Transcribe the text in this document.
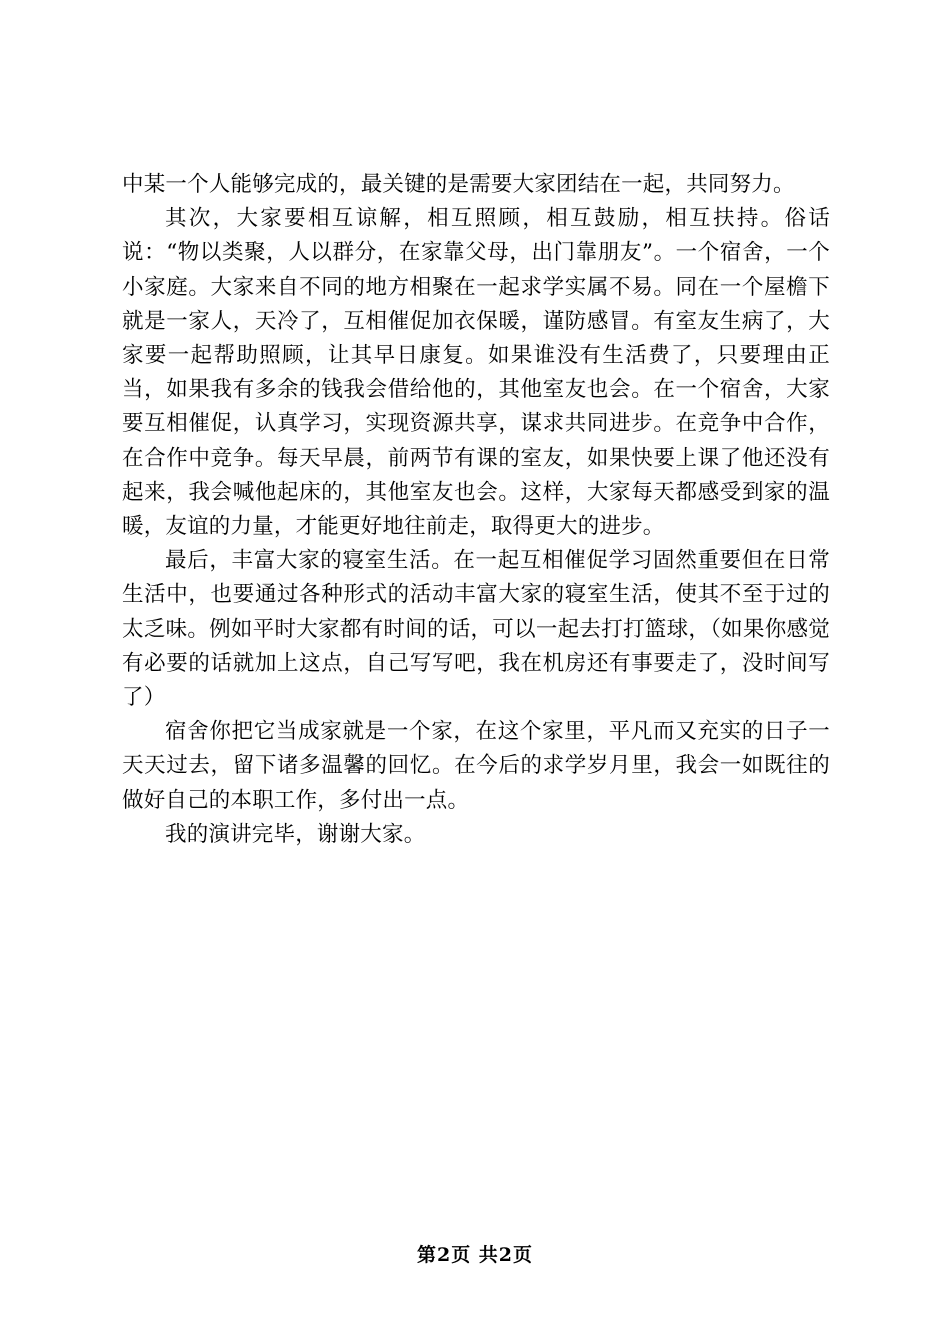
中某一个人能够完成的，最关键的是需要大家团结在一起，共同努力。

其次，大家要相互谅解，相互照顾，相互鼓励，相互扶持。俗话说：“物以类聚，人以群分，在家靠父母，出门靠朋友”。一个宿舍，一个小家庭。大家来自不同的地方相聚在一起求学实属不易。同在一个屋檐下就是一家人，天冷了，互相催促加衣保暖，谨防感冒。有室友生病了，大家要一起帮助照顾，让其早日康复。如果谁没有生活费了，只要理由正当，如果我有多余的钱我会借给他的，其他室友也会。在一个宿舍，大家要互相催促，认真学习，实现资源共享，谋求共同进步。在竞争中合作，在合作中竞争。每天早晨，前两节有课的室友，如果快要上课了他还没有起来，我会喊他起床的，其他室友也会。这样，大家每天都感受到家的温暖，友谊的力量，才能更好地往前走，取得更大的进步。

最后，丰富大家的寝室生活。在一起互相催促学习固然重要但在日常生活中，也要通过各种形式的活动丰富大家的寝室生活，使其不至于过的太乏味。例如平时大家都有时间的话，可以一起去打打篮球，（如果你感觉有必要的话就加上这点，自己写写吧，我在机房还有事要走了，没时间写了）

宿舍你把它当成家就是一个家，在这个家里，平凡而又充实的日子一天天过去，留下诸多温馨的回忆。在今后的求学岁月里，我会一如既往的做好自己的本职工作，多付出一点。

我的演讲完毕，谢谢大家。

第2页 共2页
